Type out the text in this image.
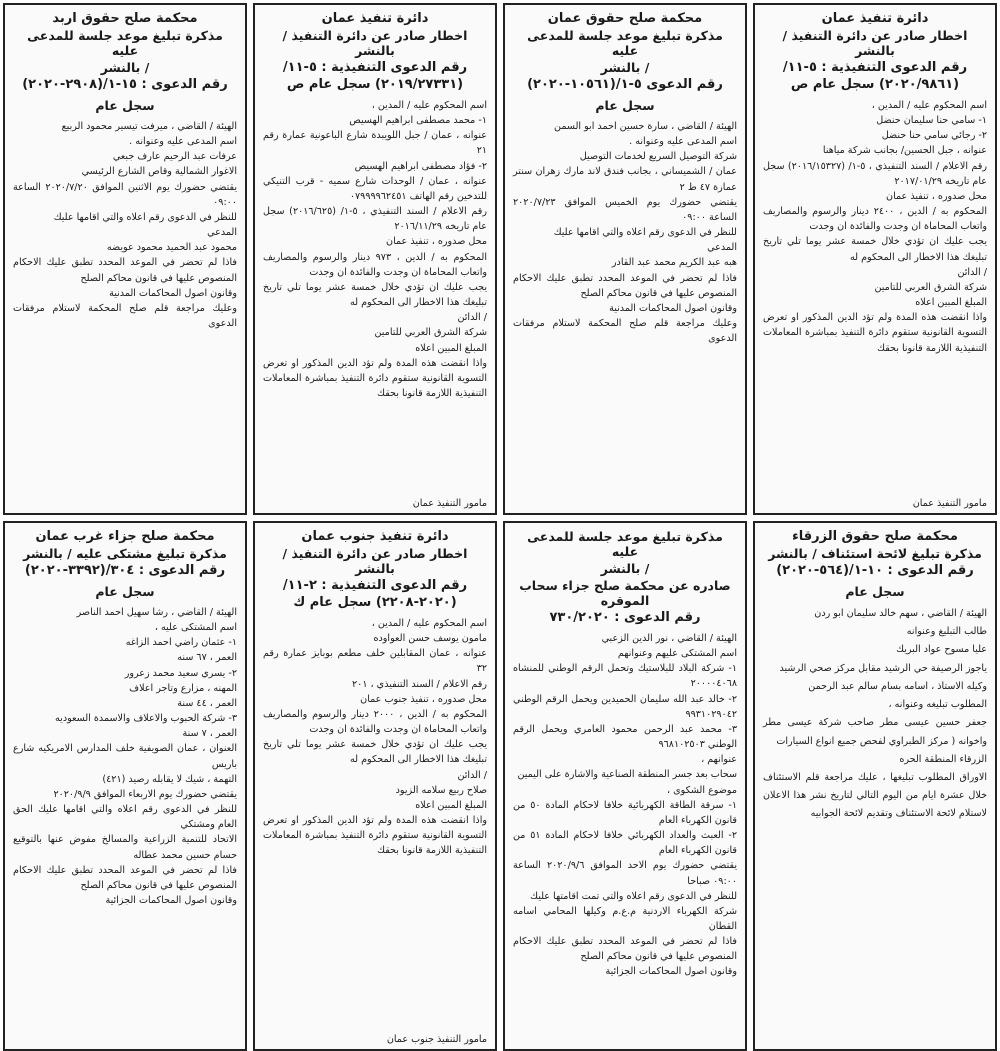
محكمة صلح حقوق اربد
مذكرة تبليغ موعد جلسة للمدعى عليه
/ بالنشر
رقم الدعوى : ١٥-١/(٢٩٠٨-٢٠٢٠)
سجل عام

الهيئة / القاضي ، ميرفت تيسير محمود الربيع

اسم المدعى عليه وعنوانه .

عرفات عبد الرحيم عارف جبعي

الاغوار الشمالية وقاص الشارع الرئيسي

يقتضي حضورك يوم الاثنين الموافق ٢٠٢٠/٧/٢٠ الساعة ٠٩:٠٠

للنظر في الدعوى رقم اعلاه والتي اقامها عليك

المدعي

محمود عبد الحميد محمود عويضه

فاذا لم تحضر في الموعد المحدد تطبق عليك الاحكام المنصوص عليها في قانون محاكم الصلح

وقانون اصول المحاكمات المدنية

وعليك مراجعة قلم صلح المحكمة لاستلام مرفقات الدعوى

دائرة تنفيذ عمان
اخطار صادر عن دائرة التنفيذ / بالنشر
رقم الدعوى التنفيذية : ٥-١١/
(٢٠١٩/٢٧٣٣١) سجل عام ص

اسم المحكوم عليه / المدين ،

١- محمد مصطفى ابراهيم الهسيص

عنوانه ، عمان / جبل اللويبدة شارع الباعونية عمارة رقم ٢١

٢- فؤاد مصطفى ابراهيم الهسيص

عنوانه ، عمان / الوحدات شارع سميه - قرب التنيكي للتدخين رقم الهاتف ٠٧٩٩٩٩٦٢٤٥١

رقم الاعلام / السند التنفيذي ، ٥-١/ (٢٠١٦/٦٢٥) سجل عام تاريخه ٢٠١٦/١١/٢٩

محل صدوره ، تنفيذ عمان

المحكوم به / الدين ، ٩٧٣ دينار والرسوم والمصاريف واتعاب المحاماة ان وجدت والفائدة ان وجدت

يجب عليك ان تؤدي خلال خمسة عشر يوما تلي تاريخ تبليغك هذا الاخطار الى المحكوم له

/ الدائن

شركة الشرق العربي للتامين

المبلغ المبين اعلاه

واذا انقضت هذه المدة ولم تؤد الدين المذكور او تعرض التسوية القانونية ستقوم دائرة التنفيذ بمباشرة المعاملات التنفيذية اللازمة قانونا بحقك

مامور التنفيذ عمان
محكمة صلح حقوق عمان
مذكرة تبليغ موعد جلسة للمدعى عليه
/ بالنشر
رقم الدعوى ٥-١/(١٠٥٦١-٢٠٢٠)
سجل عام

الهيئة / القاضي ، سارة حسين احمد ابو السمن

اسم المدعى عليه وعنوانه .

شركة التوصيل السريع لخدمات التوصيل

عمان / الشميساني ، بجانب فندق لاند مارك زهران سنتر عمارة ٤٧ ط ٢

يقتضي حضورك يوم الخميس الموافق ٢٠٢٠/٧/٢٣ الساعة ٠٩:٠٠

للنظر في الدعوى رقم اعلاه والتي اقامها عليك

المدعي

هبه عبد الكريم محمد عبد القادر

فاذا لم تحضر في الموعد المحدد تطبق عليك الاحكام المنصوص عليها في قانون محاكم الصلح

وقانون اصول المحاكمات المدنية

وعليك مراجعة قلم صلح المحكمة لاستلام مرفقات الدعوى

دائرة تنفيذ عمان
اخطار صادر عن دائرة التنفيذ / بالنشر
رقم الدعوى التنفيذية : ٥-١١/
(٢٠٢٠/٩٨٦١) سجل عام ص

اسم المحكوم عليه / المدين ،

١- سامي حنا سليمان حنضل

٢- رجائي سامي حنا حنضل

عنوانه ، جبل الحسين/ بجانب شركة مياهنا

رقم الاعلام / السند التنفيذي ، ٥-١/ (٢٠١٦/١٥٣٢٧) سجل عام تاريخه ٢٠١٧/٠١/٢٩

محل صدوره ، تنفيذ عمان

المحكوم به / الدين ، ٢٤٠٠ دينار والرسوم والمصاريف واتعاب المحاماة ان وجدت والفائدة ان وجدت

يجب عليك ان تؤدي خلال خمسة عشر يوما تلي تاريخ تبليغك هذا الاخطار الى المحكوم له

/ الدائن

شركة الشرق العربي للتامين

المبلغ المبين اعلاه

واذا انقضت هذه المدة ولم تؤد الدين المذكور او تعرض التسوية القانونية ستقوم دائرة التنفيذ بمباشرة المعاملات التنفيذية اللازمة قانونا بحقك

مامور التنفيذ عمان
محكمة صلح جزاء غرب عمان
مذكرة تبليغ مشتكى عليه / بالنشر
رقم الدعوى : ٣٠٤/(٣٣٩٢-٢٠٢٠)
سجل عام

الهيئة / القاضي ، رشا سهيل احمد الناصر

اسم المشتكى عليه ،

١- عثمان راضي احمد الزاغه

العمر ، ٦٧ سنه

٢- يسري سعيد محمد زعرور

المهنه ، مزارع وتاجر اعلاف

العمر ، ٤٤ سنة

٣- شركة الحبوب والاعلاف والاسمدة السعوديه

العمر ، ٧ سنة

العنوان ، عمان الصويفية خلف المدارس الامريكيه شارع باريس

التهمة ، شيك لا يقابله رصيد (٤٢١)

يقتضي حضورك يوم الاربعاء الموافق ٢٠٢٠/٩/٩

للنظر في الدعوى رقم اعلاه والتي اقامها عليك الحق العام ومشتكي

الاتحاد للتنمية الزراعية والمسالخ مفوض عنها بالتوقيع حسام حسين محمد عطاله

فاذا لم تحضر في الموعد المحدد تطبق عليك الاحكام المنصوص عليها في قانون محاكم الصلح

وقانون اصول المحاكمات الجزائية

دائرة تنفيذ جنوب عمان
اخطار صادر عن دائرة التنفيذ / بالنشر
رقم الدعوى التنفيذية : ٢-١١/
(٢٠٢٠-٢٢٠٨) سجل عام ك

اسم المحكوم عليه / المدين ،

مامون يوسف حسن العواوده

عنوانه ، عمان المقابلين خلف مطعم بوبايز عمارة رقم ٣٢

رقم الاعلام / السند التنفيذي ، ٢٠١

محل صدوره ، تنفيذ جنوب عمان

المحكوم به / الدين ، ٢٠٠٠ دينار والرسوم والمصاريف واتعاب المحاماة ان وجدت والفائدة ان وجدت

يجب عليك ان تؤدي خلال خمسة عشر يوما تلي تاريخ تبليغك هذا الاخطار الى المحكوم له

/ الدائن

صلاح ربيع سلامه الزيود

المبلغ المبين اعلاه

واذا انقضت هذه المدة ولم تؤد الدين المذكور او تعرض التسوية القانونية ستقوم دائرة التنفيذ بمباشرة المعاملات التنفيذية اللازمة قانونا بحقك

مامور التنفيذ جنوب عمان
مذكرة تبليغ موعد جلسة للمدعى عليه
/ بالنشر
صادره عن محكمة صلح جزاء سحاب الموقره
رقم الدعوى : ٧٣٠/٢٠٢٠

الهيئة / القاضي ، نور الدين الزعبي

اسم المشتكى عليهم وعنوانهم

١- شركة البلاد للبلاستيك وتحمل الرقم الوطني للمنشاه ٢٠٠٠٠٤٠٦٨

٢- خالد عبد الله سليمان الحميدين ويحمل الرقم الوطني ٩٩٣١٠٢٩٠٤٢

٣- محمد عبد الرحمن محمود العامري ويحمل الرقم الوطني ٩٦٨١٠٢٥٠٣

عنوانهم ،

سحاب بعد جسر المنطقة الصناعية والاشارة على اليمين

موضوع الشكوى ،

١- سرقة الطاقة الكهربائية خلافا لاحكام المادة ٥٠ من قانون الكهرباء العام

٢- العبث والعداد الكهربائي خلافا لاحكام المادة ٥١ من قانون الكهرباء العام

يقتضي حضورك يوم الاحد الموافق ٢٠٢٠/٩/٦ الساعة ٠٩:٠٠ صباحا

للنظر في الدعوى رقم اعلاه والتي تمت اقامتها عليك

شركة الكهرباء الاردنية م.ع.م وكيلها المحامي اسامه القطان

فاذا لم تحضر في الموعد المحدد تطبق عليك الاحكام المنصوص عليها في قانون محاكم الصلح

وقانون اصول المحاكمات الجزائية

محكمة صلح حقوق الزرقاء
مذكرة تبليغ لائحة استئناف / بالنشر
رقم الدعوى : ١٠-١/(٥٦٤-٢٠٢٠)
سجل عام

الهيئة / القاضي ، سهم خالد سليمان ابو ردن

طالب التبليغ وعنوانه

عليا مسوح عواد البريك

ياجوز الرصيفة حي الرشيد مقابل مركز صحي الرشيد

وكيله الاستاذ ، اسامه بسام سالم عبد الرحمن

المطلوب تبليغه وعنوانه ،

جعفر حسين عيسى مطر صاحب شركة عيسى مطر واخوانه ( مركز الطبراوي لفحص جميع انواع السيارات

الزرقاء المنطقة الحره

الاوراق المطلوب تبليغها ، عليك مراجعة قلم الاستئناف خلال عشرة ايام من اليوم التالي لتاريخ نشر هذا الاعلان لاستلام لائحة الاستئناف وتقديم لائحة الجوابيه
